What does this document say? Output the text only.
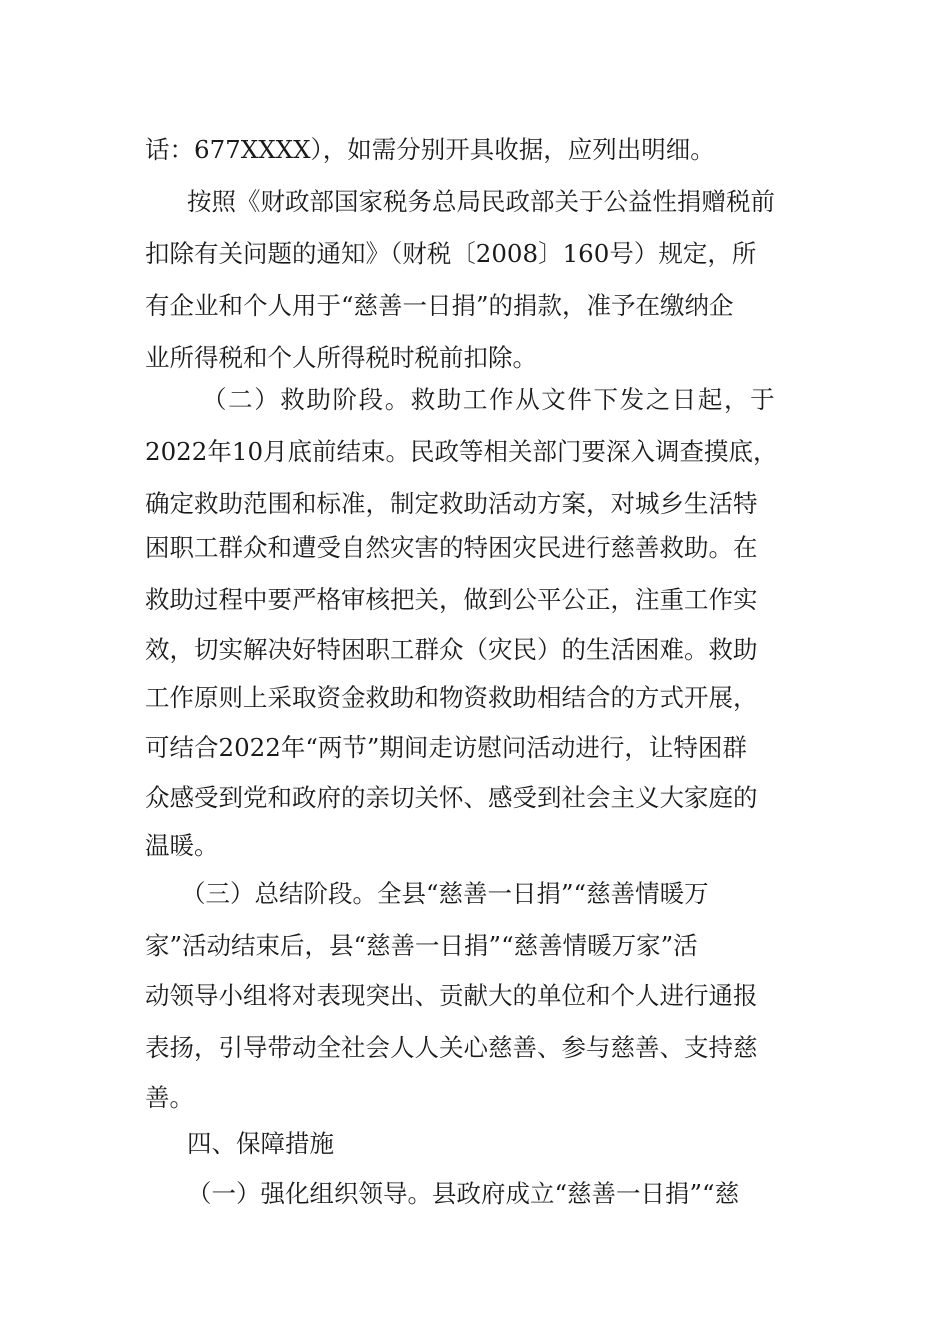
话：677XXXX），如需分别开具收据，应列出明细。
按照《财政部国家税务总局民政部关于公益性捐赠税前
扣除有关问题的通知》（财税〔2008〕160号）规定，所
有企业和个人用于“慈善一日捐”的捐款，准予在缴纳企
业所得税和个人所得税时税前扣除。
（二）救助阶段。救助工作从文件下发之日起，于
2022年10月底前结束。民政等相关部门要深入调查摸底，
确定救助范围和标准，制定救助活动方案，对城乡生活特
困职工群众和遭受自然灾害的特困灾民进行慈善救助。在
救助过程中要严格审核把关，做到公平公正，注重工作实
效，切实解决好特困职工群众（灾民）的生活困难。救助
工作原则上采取资金救助和物资救助相结合的方式开展，
可结合2022年“两节”期间走访慰问活动进行，让特困群
众感受到党和政府的亲切关怀、感受到社会主义大家庭的
温暖。
（三）总结阶段。全县“慈善一日捐”“慈善情暖万
家”活动结束后，县“慈善一日捐”“慈善情暖万家”活
动领导小组将对表现突出、贡献大的单位和个人进行通报
表扬，引导带动全社会人人关心慈善、参与慈善、支持慈
善。
四、保障措施
（一）强化组织领导。县政府成立“慈善一日捐”“慈
